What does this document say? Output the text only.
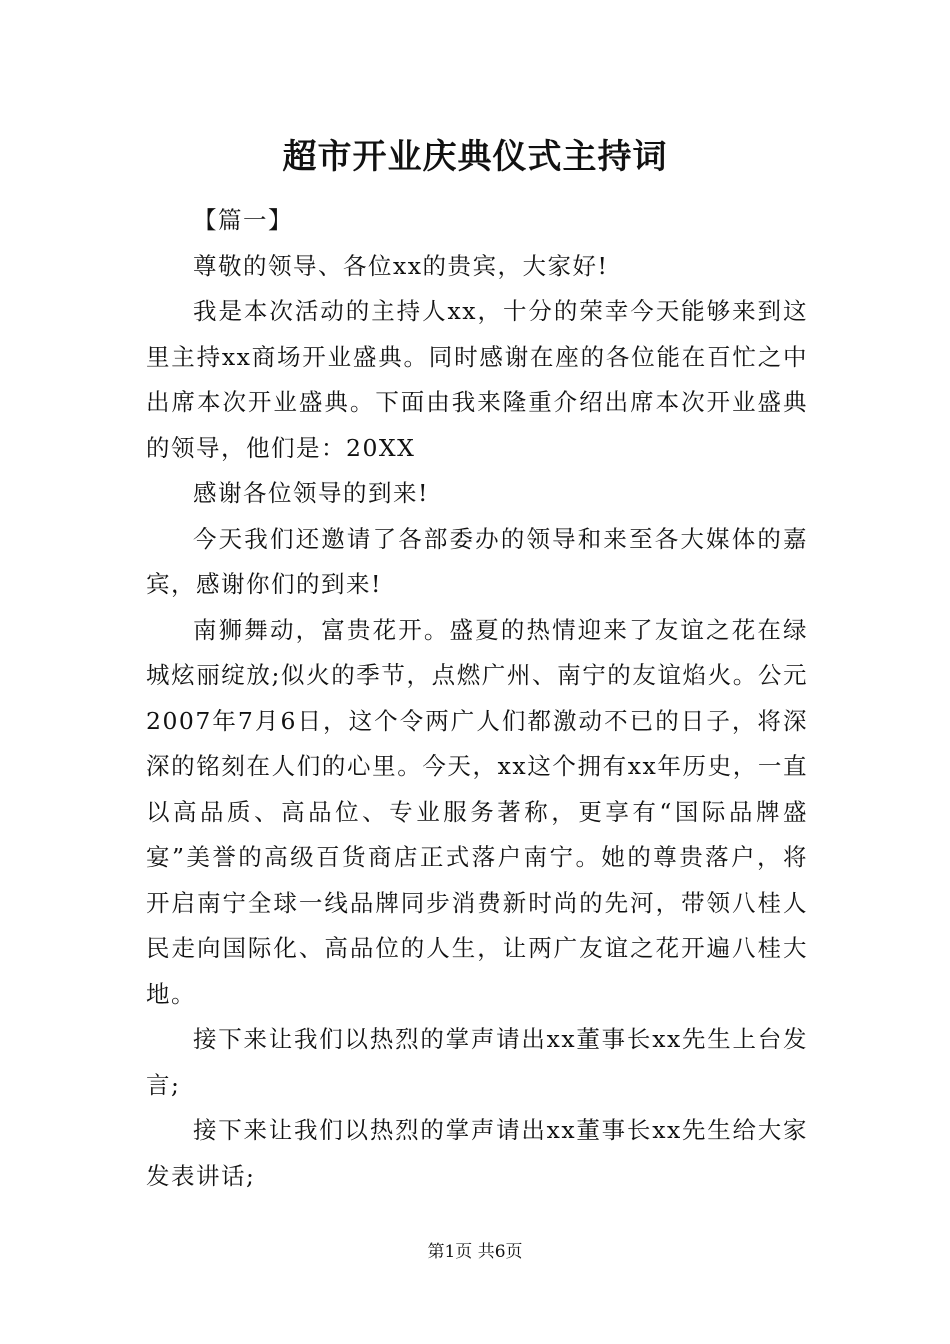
超市开业庆典仪式主持词

【篇一】

尊敬的领导、各位xx的贵宾，大家好!

我是本次活动的主持人xx，十分的荣幸今天能够来到这里主持xx商场开业盛典。同时感谢在座的各位能在百忙之中出席本次开业盛典。下面由我来隆重介绍出席本次开业盛典的领导，他们是：20XX

感谢各位领导的到来!

今天我们还邀请了各部委办的领导和来至各大媒体的嘉宾，感谢你们的到来!

南狮舞动，富贵花开。盛夏的热情迎来了友谊之花在绿城炫丽绽放;似火的季节，点燃广州、南宁的友谊焰火。公元2007年7月6日，这个令两广人们都激动不已的日子，将深深的铭刻在人们的心里。今天，xx这个拥有xx年历史，一直以高品质、高品位、专业服务著称，更享有“国际品牌盛宴”美誉的高级百货商店正式落户南宁。她的尊贵落户，将开启南宁全球一线品牌同步消费新时尚的先河，带领八桂人民走向国际化、高品位的人生，让两广友谊之花开遍八桂大地。

接下来让我们以热烈的掌声请出xx董事长xx先生上台发言;

接下来让我们以热烈的掌声请出xx董事长xx先生给大家发表讲话;

第1页 共6页
